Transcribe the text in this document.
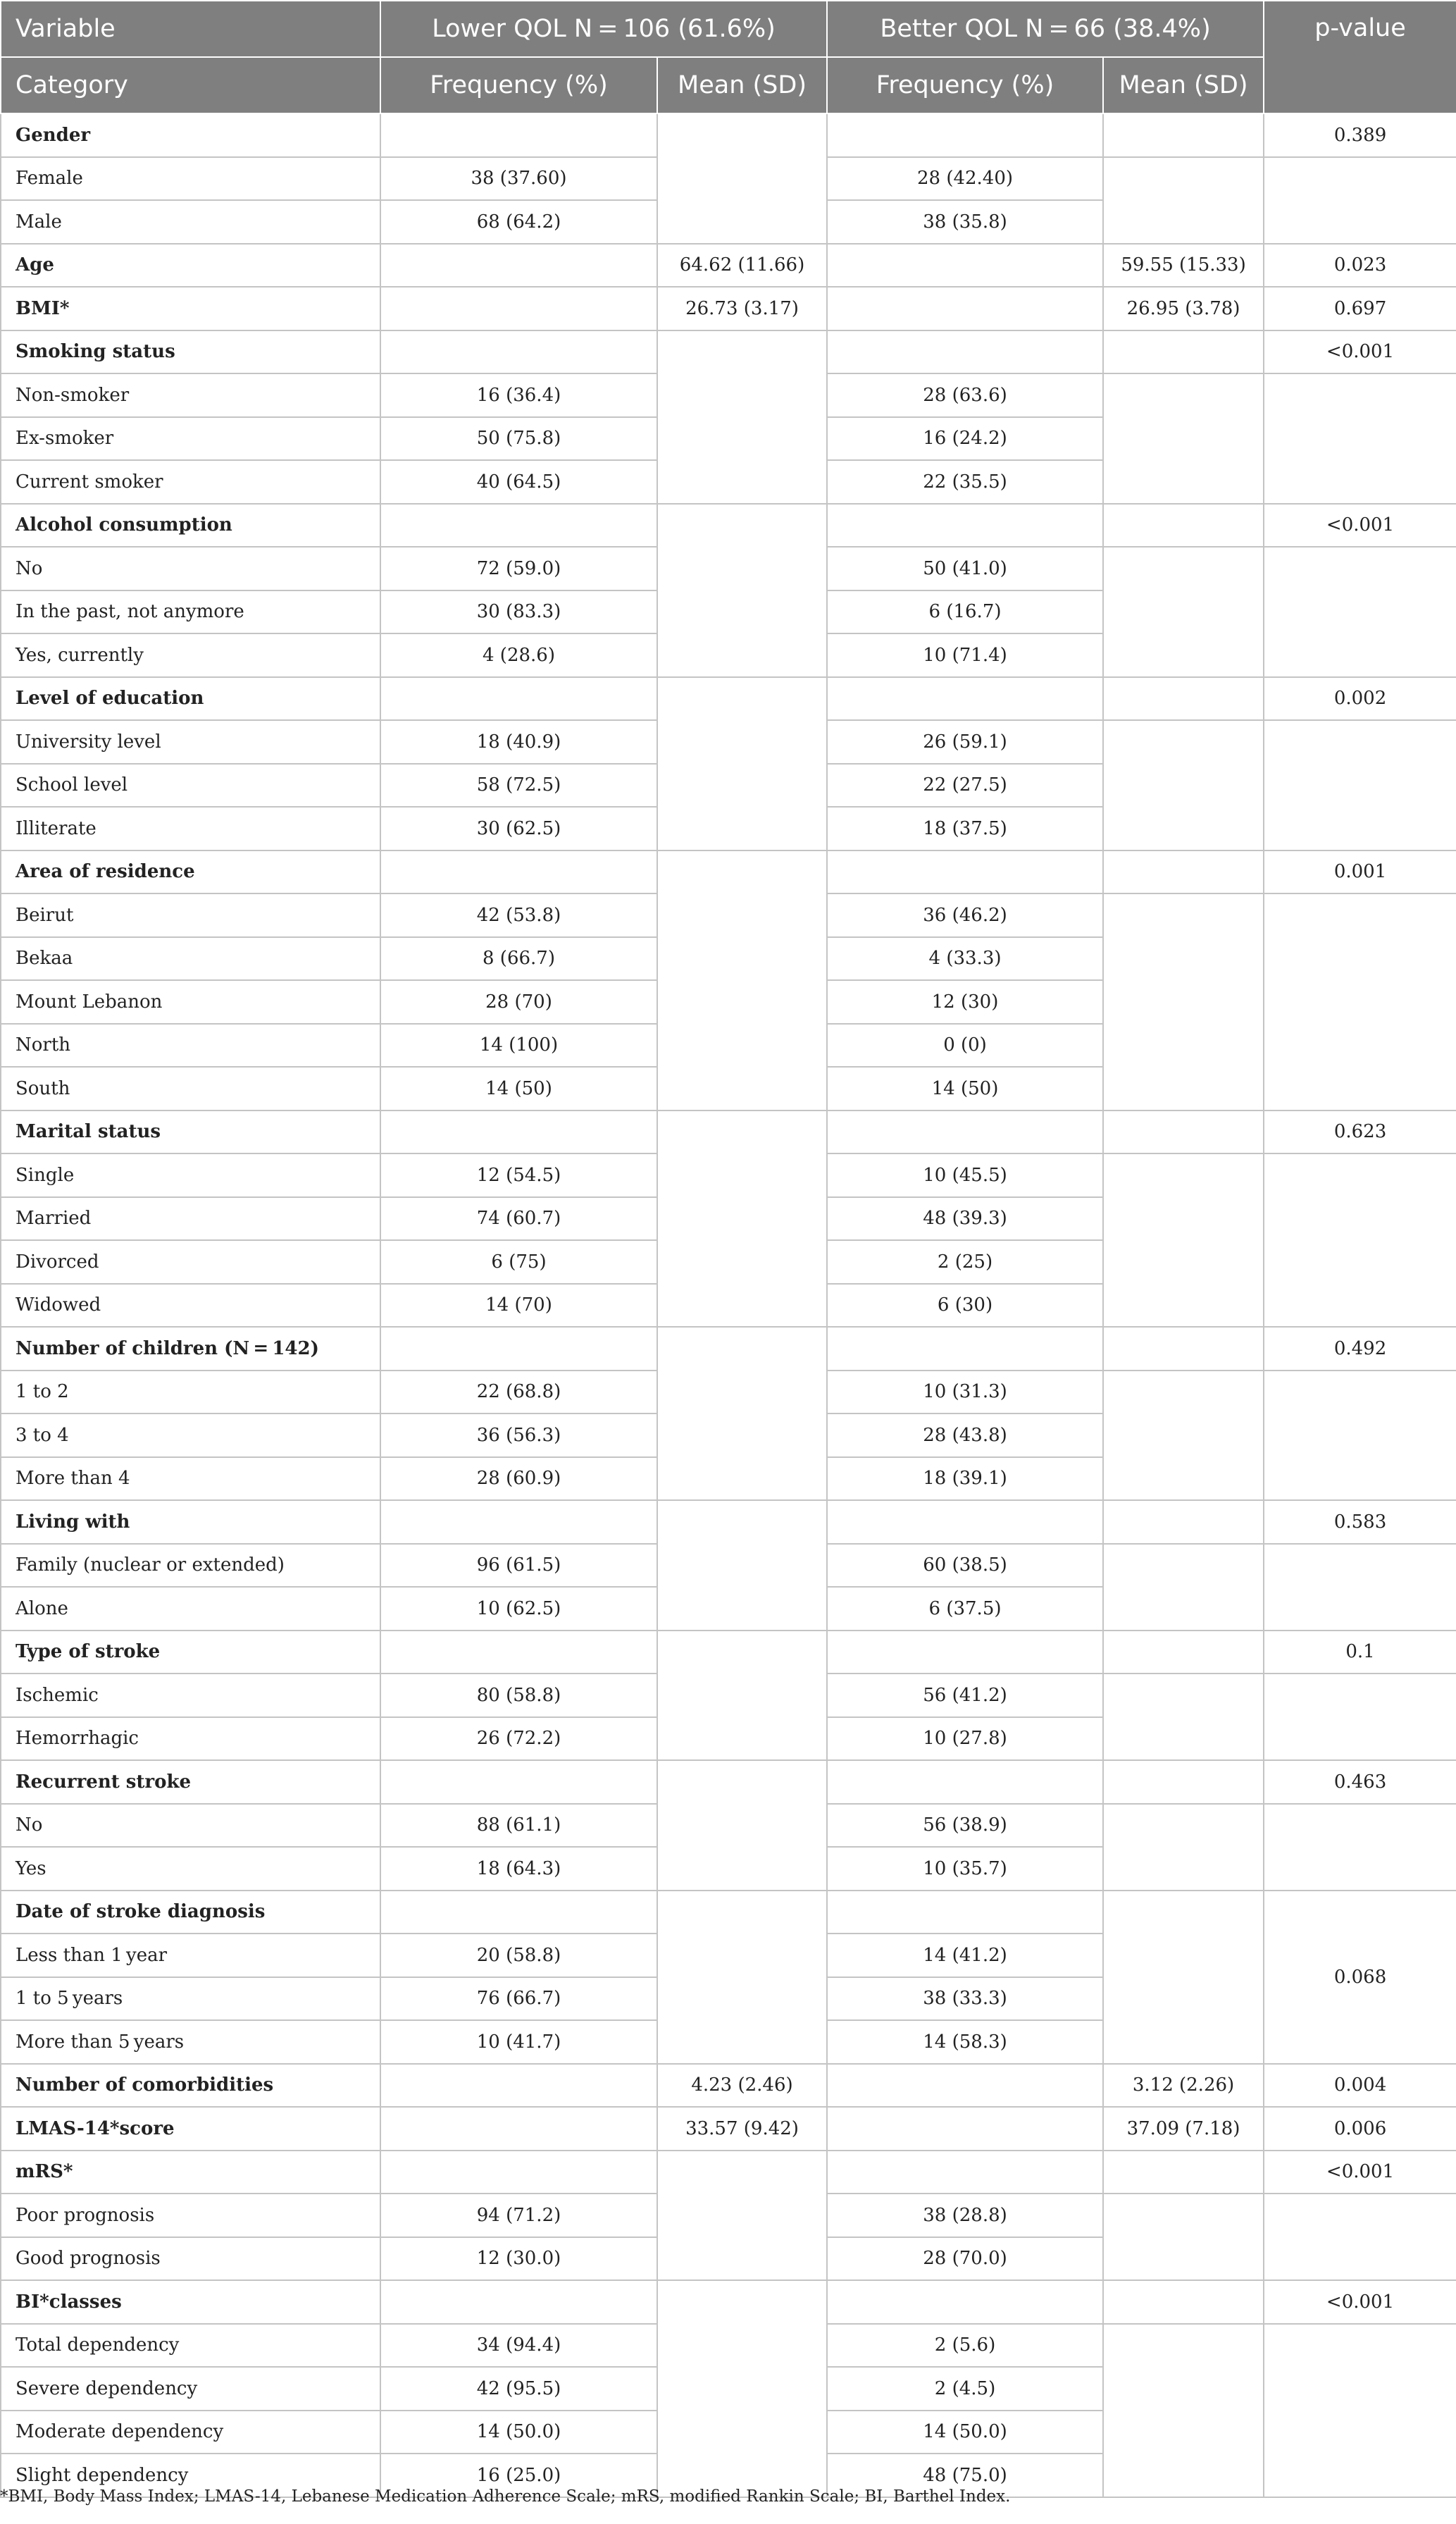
Variable	Lower QOL N = 106 (61.6%)		Better QOL N = 66 (38.4%)		p-value
Category	Frequency (%)	Mean (SD)	Frequency (%)	Mean (SD)	
Gender					0.389
Female	38 (37.60)		28 (42.40)		
Male	68 (64.2)		38 (35.8)		
Age		64.62 (11.66)		59.55 (15.33)	0.023
BMI*		26.73 (3.17)		26.95 (3.78)	0.697
Smoking status					<0.001
Non-smoker	16 (36.4)		28 (63.6)		
Ex-smoker	50 (75.8)		16 (24.2)		
Current smoker	40 (64.5)		22 (35.5)		
Alcohol consumption					<0.001
No	72 (59.0)		50 (41.0)		
In the past, not anymore	30 (83.3)		6 (16.7)		
Yes, currently	4 (28.6)		10 (71.4)		
Level of education					0.002
University level	18 (40.9)		26 (59.1)		
School level	58 (72.5)		22 (27.5)		
Illiterate	30 (62.5)		18 (37.5)		
Area of residence					0.001
Beirut	42 (53.8)		36 (46.2)		
Bekaa	8 (66.7)		4 (33.3)		
Mount Lebanon	28 (70)		12 (30)		
North	14 (100)		0 (0)		
South	14 (50)		14 (50)		
Marital status					0.623
Single	12 (54.5)		10 (45.5)		
Married	74 (60.7)		48 (39.3)		
Divorced	6 (75)		2 (25)		
Widowed	14 (70)		6 (30)		
Number of children (N = 142)					0.492
1 to 2	22 (68.8)		10 (31.3)		
3 to 4	36 (56.3)		28 (43.8)		
More than 4	28 (60.9)		18 (39.1)		
Living with					0.583
Family (nuclear or extended)	96 (61.5)		60 (38.5)		
Alone	10 (62.5)		6 (37.5)		
Type of stroke					0.1
Ischemic	80 (58.8)		56 (41.2)		
Hemorrhagic	26 (72.2)		10 (27.8)		
Recurrent stroke					0.463
No	88 (61.1)		56 (38.9)		
Yes	18 (64.3)		10 (35.7)		
Date of stroke diagnosis					0.068
Less than 1 year	20 (58.8)		14 (41.2)		
1 to 5 years	76 (66.7)		38 (33.3)		
More than 5 years	10 (41.7)		14 (58.3)		
Number of comorbidities		4.23 (2.46)		3.12 (2.26)	0.004
LMAS-14*score		33.57 (9.42)		37.09 (7.18)	0.006
mRS*					<0.001
Poor prognosis	94 (71.2)		38 (28.8)		
Good prognosis	12 (30.0)		28 (70.0)		
BI*classes					<0.001
Total dependency	34 (94.4)		2 (5.6)		
Severe dependency	42 (95.5)		2 (4.5)		
Moderate dependency	14 (50.0)		14 (50.0)		
Slight dependency	16 (25.0)		48 (75.0)		
*BMI, Body Mass Index; LMAS-14, Lebanese Medication Adherence Scale; mRS, modified Rankin Scale; BI, Barthel Index.
